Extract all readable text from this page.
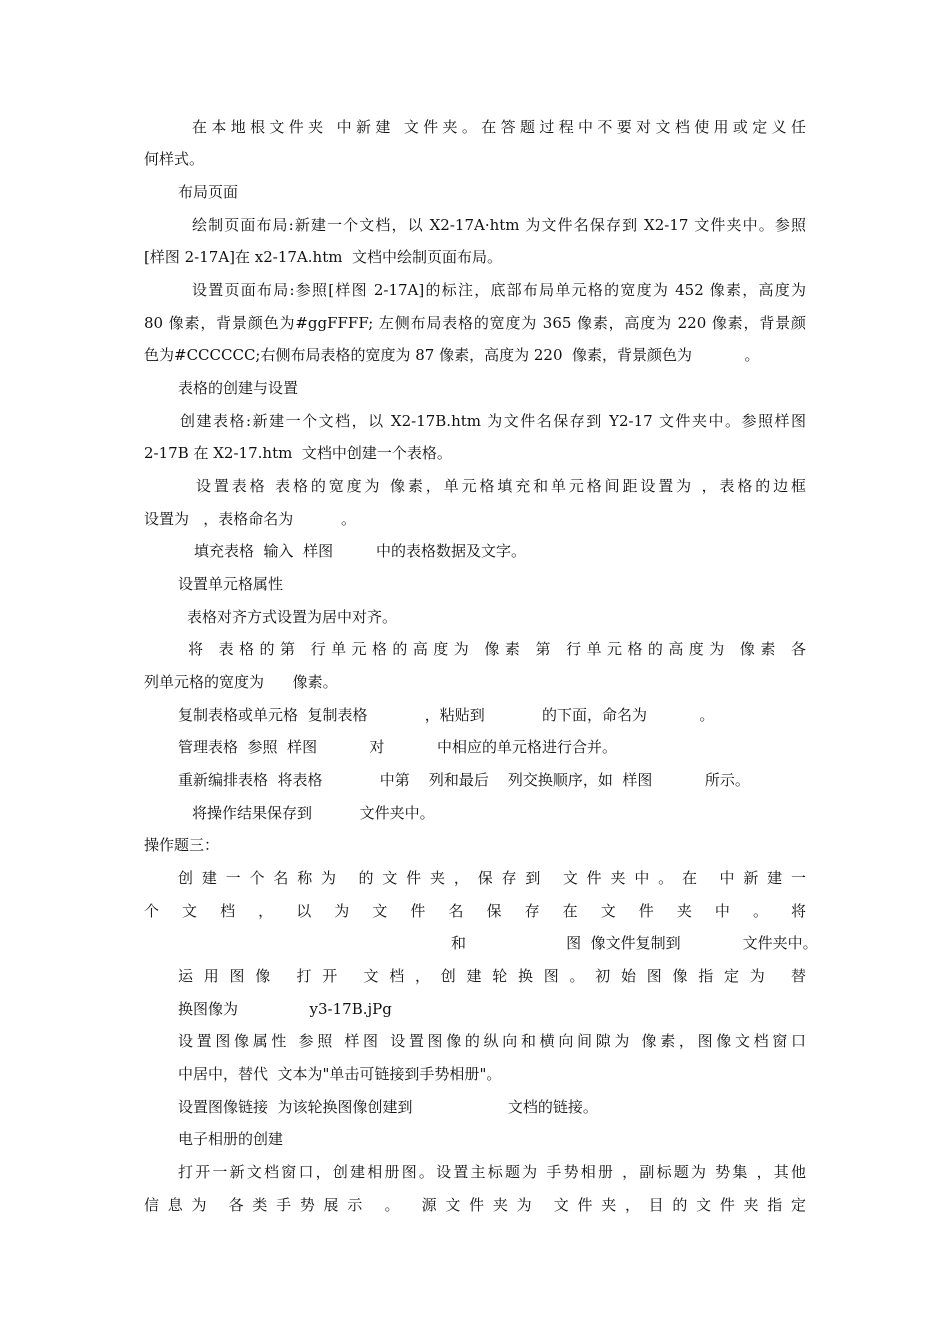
在本地根文件夹 中新建 文件夹。在答题过程中不要对文档使用或定义任
何样式。
布局页面
绘制页面布局:新建一个文档，以 X2-17A·htm 为文件名保存到 X2-17 文件夹中。参照
[样图 2-17A]在 x2-17A.htm  文档中绘制页面布局。
设置页面布局:参照[样图 2-17A]的标注，底部布局单元格的宽度为 452 像素，高度为
80 像素，背景颜色为#ggFFFF; 左侧布局表格的宽度为 365 像素，高度为 220 像素，背景颜
色为#CCCCCC;右侧布局表格的宽度为 87 像素，高度为 220  像素，背景颜色为           。
表格的创建与设置
创建表格:新建一个文档，以 X2-17B.htm 为文件名保存到 Y2-17 文件夹中。参照样图
2-17B 在 X2-17.htm  文档中创建一个表格。
设置表格 表格的宽度为 像素，单元格填充和单元格间距设置为 ，表格的边框
设置为   ，表格命名为          。
填充表格  输入  样图         中的表格数据及文字。
设置单元格属性
表格对齐方式设置为居中对齐。
将 表格的第 行单元格的高度为 像素 第 行单元格的高度为 像素 各
列单元格的宽度为      像素。
复制表格或单元格  复制表格            ，粘贴到            的下面，命名为           。
管理表格  参照  样图           对           中相应的单元格进行合并。
重新编排表格  将表格            中第    列和最后    列交换顺序，如  样图           所示。
将操作结果保存到          文件夹中。
操作题三：
创建一个名称为 的文件夹，保存到 文件夹中。在 中新建一
个 文 档 ， 以 为 文 件 名 保 存 在 文 件 夹 中 。 将
和                     图  像文件复制到             文件夹中。
运用图像 打开 文档，创建轮换图。初始图像指定为 替
换图像为               y3-17B.jPg
设置图像属性 参照 样图 设置图像的纵向和横向间隙为 像素，图像文档窗口
中居中，替代  文本为"单击可链接到手势相册"。
设置图像链接  为该轮换图像创建到                    文档的链接。
电子相册的创建
打开一新文档窗口，创建相册图。设置主标题为 手势相册 ，副标题为 势集 ，其他
信息为 各类手势展示 。 源文件夹为 文件夹，目的文件夹指定
